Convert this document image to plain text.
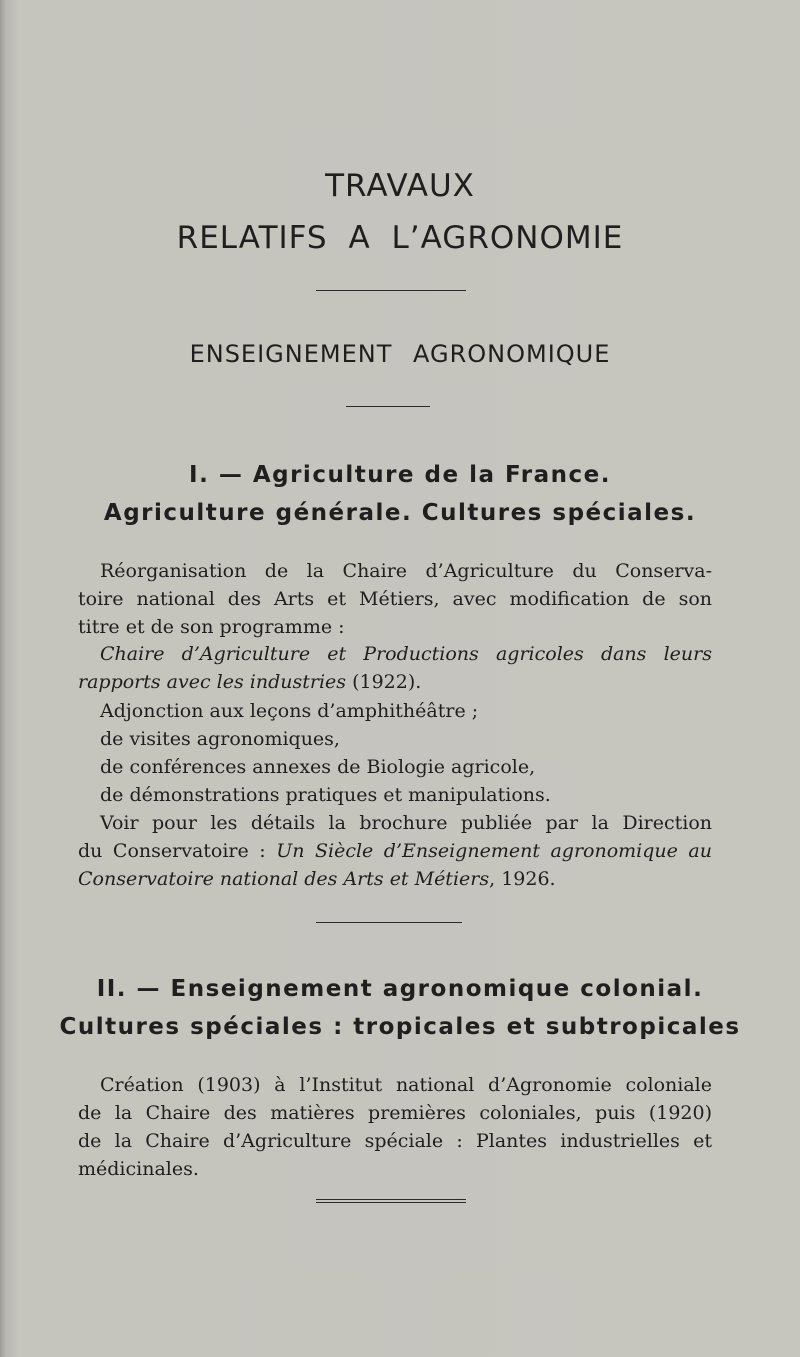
TRAVAUX
RELATIFS A L’AGRONOMIE
ENSEIGNEMENT AGRONOMIQUE
I. — Agriculture de la France.
Agriculture générale. Cultures spéciales.
Réorganisation de la Chaire d’Agriculture du Conserva-
toire national des Arts et Métiers, avec modification de son
titre et de son programme :
Chaire d’Agriculture et Productions agricoles dans leurs
rapports avec les industries (1922).
Adjonction aux leçons d’amphithéâtre ;
de visites agronomiques,
de conférences annexes de Biologie agricole,
de démonstrations pratiques et manipulations.
Voir pour les détails la brochure publiée par la Direction
du Conservatoire : Un Siècle d’Enseignement agronomique au
Conservatoire national des Arts et Métiers, 1926.
II. — Enseignement agronomique colonial.
Cultures spéciales : tropicales et subtropicales
Création (1903) à l’Institut national d’Agronomie coloniale
de la Chaire des matières premières coloniales, puis (1920)
de la Chaire d’Agriculture spéciale : Plantes industrielles et
médicinales.
